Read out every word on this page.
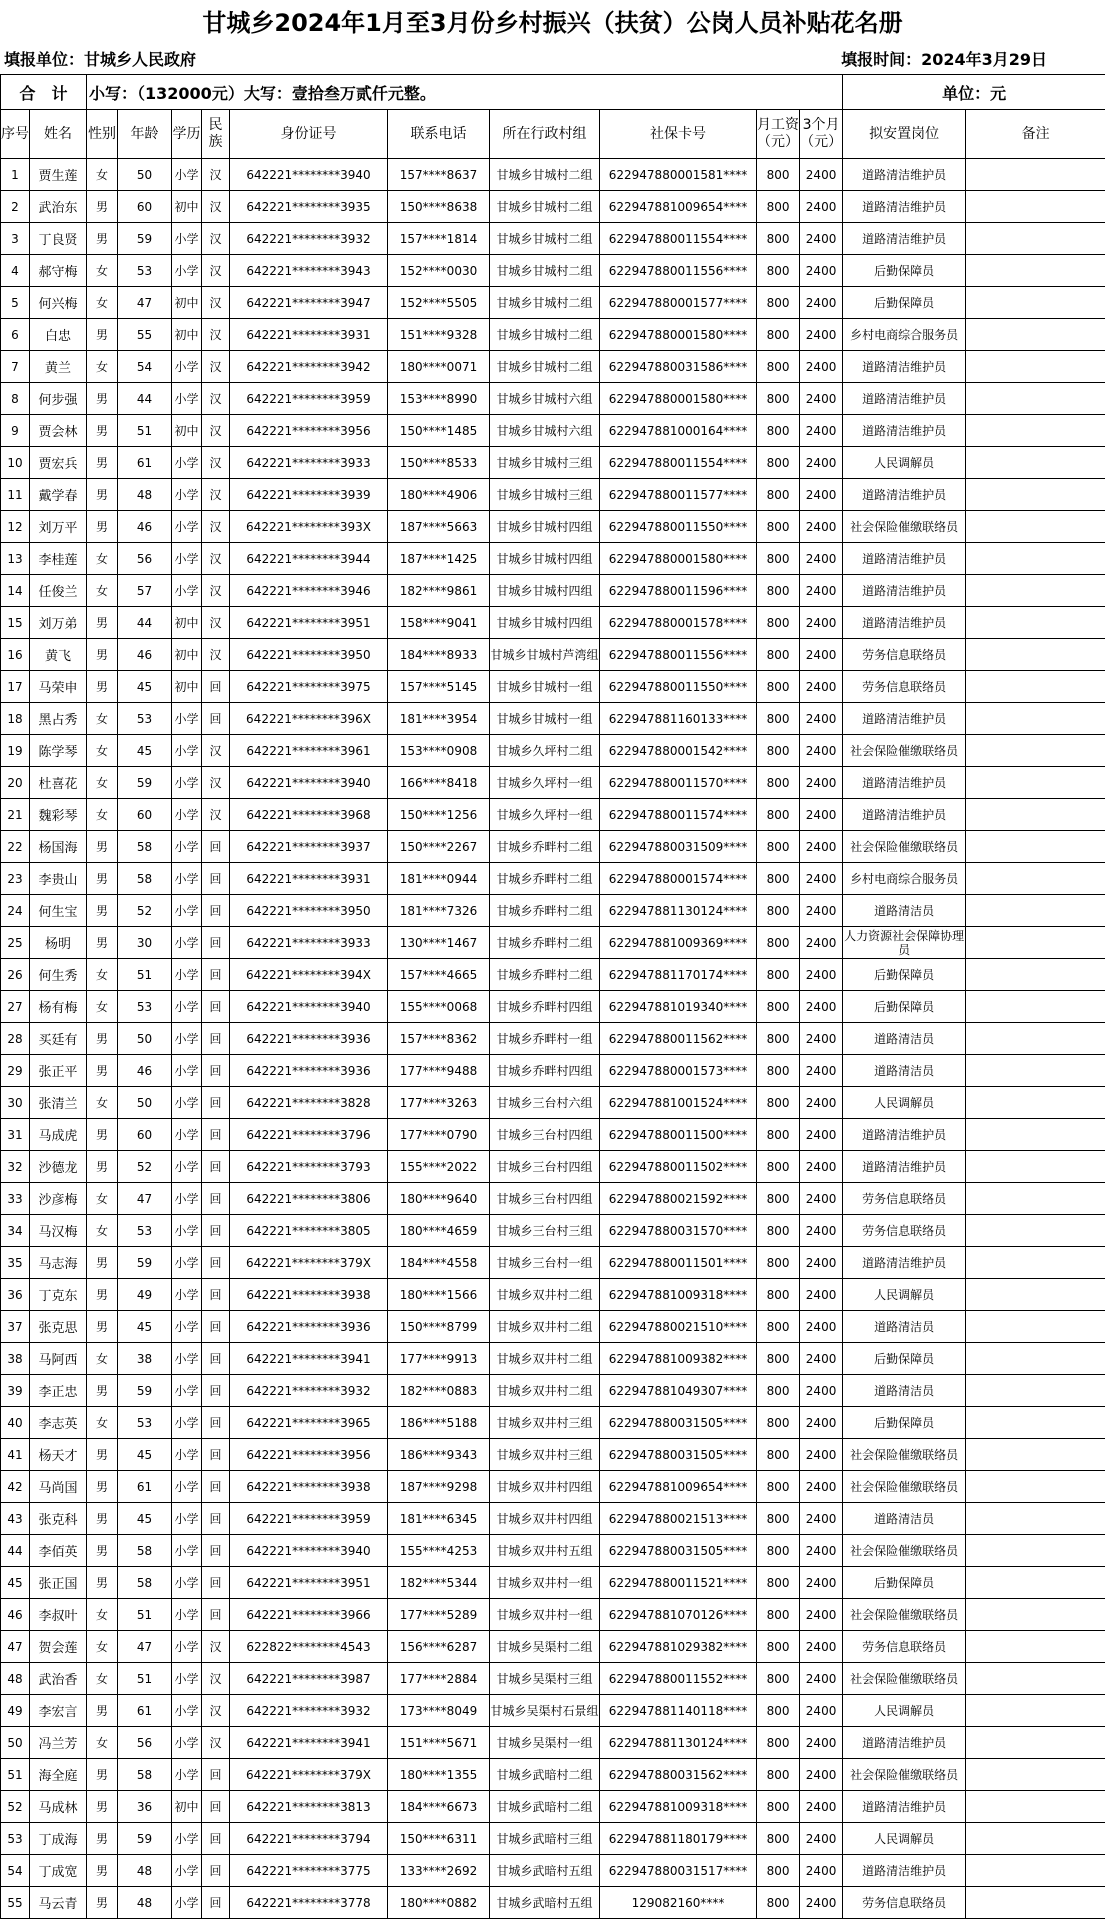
甘城乡2024年1月至3月份乡村振兴（扶贫）公岗人员补贴花名册
填报单位：甘城乡人民政府	填报时间：2024年3月29日
合　计		小写：（132000元）大写：壹拾叁万贰仟元整。										单位：元	
序号	姓名	性别	年龄	学历	民族	身份证号	联系电话	所在行政村组	社保卡号	月工资（元）	3个月（元）	拟安置岗位	备注
1	贾生莲	女	50	小学	汉	642221********3940	157****8637	甘城乡甘城村二组	622947880001581****	800	2400	道路清洁维护员	
2	武治东	男	60	初中	汉	642221********3935	150****8638	甘城乡甘城村二组	622947881009654****	800	2400	道路清洁维护员	
3	丁良贤	男	59	小学	汉	642221********3932	157****1814	甘城乡甘城村二组	622947880011554****	800	2400	道路清洁维护员	
4	郝守梅	女	53	小学	汉	642221********3943	152****0030	甘城乡甘城村二组	622947880011556****	800	2400	后勤保障员	
5	何兴梅	女	47	初中	汉	642221********3947	152****5505	甘城乡甘城村二组	622947880001577****	800	2400	后勤保障员	
6	白忠	男	55	初中	汉	642221********3931	151****9328	甘城乡甘城村二组	622947880001580****	800	2400	乡村电商综合服务员	
7	黄兰	女	54	小学	汉	642221********3942	180****0071	甘城乡甘城村二组	622947880031586****	800	2400	道路清洁维护员	
8	何步强	男	44	小学	汉	642221********3959	153****8990	甘城乡甘城村六组	622947880001580****	800	2400	道路清洁维护员	
9	贾会林	男	51	初中	汉	642221********3956	150****1485	甘城乡甘城村六组	622947881000164****	800	2400	道路清洁维护员	
10	贾宏兵	男	61	小学	汉	642221********3933	150****8533	甘城乡甘城村三组	622947880011554****	800	2400	人民调解员	
11	戴学春	男	48	小学	汉	642221********3939	180****4906	甘城乡甘城村三组	622947880011577****	800	2400	道路清洁维护员	
12	刘万平	男	46	小学	汉	642221********393X	187****5663	甘城乡甘城村四组	622947880011550****	800	2400	社会保险催缴联络员	
13	李桂莲	女	56	小学	汉	642221********3944	187****1425	甘城乡甘城村四组	622947880001580****	800	2400	道路清洁维护员	
14	任俊兰	女	57	小学	汉	642221********3946	182****9861	甘城乡甘城村四组	622947880011596****	800	2400	道路清洁维护员	
15	刘万弟	男	44	初中	汉	642221********3951	158****9041	甘城乡甘城村四组	622947880001578****	800	2400	道路清洁维护员	
16	黄飞	男	46	初中	汉	642221********3950	184****8933	甘城乡甘城村芦湾组	622947880011556****	800	2400	劳务信息联络员	
17	马荣申	男	45	初中	回	642221********3975	157****5145	甘城乡甘城村一组	622947880011550****	800	2400	劳务信息联络员	
18	黑占秀	女	53	小学	回	642221********396X	181****3954	甘城乡甘城村一组	622947881160133****	800	2400	道路清洁维护员	
19	陈学琴	女	45	小学	汉	642221********3961	153****0908	甘城乡久坪村二组	622947880001542****	800	2400	社会保险催缴联络员	
20	杜喜花	女	59	小学	汉	642221********3940	166****8418	甘城乡久坪村一组	622947880011570****	800	2400	道路清洁维护员	
21	魏彩琴	女	60	小学	汉	642221********3968	150****1256	甘城乡久坪村一组	622947880011574****	800	2400	道路清洁维护员	
22	杨国海	男	58	小学	回	642221********3937	150****2267	甘城乡乔畔村二组	622947880031509****	800	2400	社会保险催缴联络员	
23	李贵山	男	58	小学	回	642221********3931	181****0944	甘城乡乔畔村二组	622947880001574****	800	2400	乡村电商综合服务员	
24	何生宝	男	52	小学	回	642221********3950	181****7326	甘城乡乔畔村二组	622947881130124****	800	2400	道路清洁员	
25	杨明	男	30	小学	回	642221********3933	130****1467	甘城乡乔畔村二组	622947881009369****	800	2400	人力资源社会保障协理员	
26	何生秀	女	51	小学	回	642221********394X	157****4665	甘城乡乔畔村二组	622947881170174****	800	2400	后勤保障员	
27	杨有梅	女	53	小学	回	642221********3940	155****0068	甘城乡乔畔村四组	622947881019340****	800	2400	后勤保障员	
28	买廷有	男	50	小学	回	642221********3936	157****8362	甘城乡乔畔村一组	622947880011562****	800	2400	道路清洁员	
29	张正平	男	46	小学	回	642221********3936	177****9488	甘城乡乔畔村四组	622947880001573****	800	2400	道路清洁员	
30	张清兰	女	50	小学	回	642221********3828	177****3263	甘城乡三台村六组	622947881001524****	800	2400	人民调解员	
31	马成虎	男	60	小学	回	642221********3796	177****0790	甘城乡三台村四组	622947880011500****	800	2400	道路清洁维护员	
32	沙德龙	男	52	小学	回	642221********3793	155****2022	甘城乡三台村四组	622947880011502****	800	2400	道路清洁维护员	
33	沙彦梅	女	47	小学	回	642221********3806	180****9640	甘城乡三台村四组	622947880021592****	800	2400	劳务信息联络员	
34	马汉梅	女	53	小学	回	642221********3805	180****4659	甘城乡三台村三组	622947880031570****	800	2400	劳务信息联络员	
35	马志海	男	59	小学	回	642221********379X	184****4558	甘城乡三台村一组	622947880011501****	800	2400	道路清洁维护员	
36	丁克东	男	49	小学	回	642221********3938	180****1566	甘城乡双井村二组	622947881009318****	800	2400	人民调解员	
37	张克思	男	45	小学	回	642221********3936	150****8799	甘城乡双井村二组	622947880021510****	800	2400	道路清洁员	
38	马阿西	女	38	小学	回	642221********3941	177****9913	甘城乡双井村二组	622947881009382****	800	2400	后勤保障员	
39	李正忠	男	59	小学	回	642221********3932	182****0883	甘城乡双井村二组	622947881049307****	800	2400	道路清洁员	
40	李志英	女	53	小学	回	642221********3965	186****5188	甘城乡双井村三组	622947880031505****	800	2400	后勤保障员	
41	杨天才	男	45	小学	回	642221********3956	186****9343	甘城乡双井村三组	622947880031505****	800	2400	社会保险催缴联络员	
42	马尚国	男	61	小学	回	642221********3938	187****9298	甘城乡双井村四组	622947881009654****	800	2400	社会保险催缴联络员	
43	张克科	男	45	小学	回	642221********3959	181****6345	甘城乡双井村四组	622947880021513****	800	2400	道路清洁员	
44	李佰英	男	58	小学	回	642221********3940	155****4253	甘城乡双井村五组	622947880031505****	800	2400	社会保险催缴联络员	
45	张正国	男	58	小学	回	642221********3951	182****5344	甘城乡双井村一组	622947880011521****	800	2400	后勤保障员	
46	李叔叶	女	51	小学	回	642221********3966	177****5289	甘城乡双井村一组	622947881070126****	800	2400	社会保险催缴联络员	
47	贺会莲	女	47	小学	汉	622822********4543	156****6287	甘城乡吴渠村二组	622947881029382****	800	2400	劳务信息联络员	
48	武治香	女	51	小学	汉	642221********3987	177****2884	甘城乡吴渠村三组	622947880011552****	800	2400	社会保险催缴联络员	
49	李宏言	男	61	小学	汉	642221********3932	173****8049	甘城乡吴渠村石景组	622947881140118****	800	2400	人民调解员	
50	冯兰芳	女	56	小学	汉	642221********3941	151****5671	甘城乡吴渠村一组	622947881130124****	800	2400	道路清洁维护员	
51	海全庭	男	58	小学	回	642221********379X	180****1355	甘城乡武暗村二组	622947880031562****	800	2400	社会保险催缴联络员	
52	马成林	男	36	初中	回	642221********3813	184****6673	甘城乡武暗村二组	622947881009318****	800	2400	道路清洁维护员	
53	丁成海	男	59	小学	回	642221********3794	150****6311	甘城乡武暗村三组	622947881180179****	800	2400	人民调解员	
54	丁成宽	男	48	小学	回	642221********3775	133****2692	甘城乡武暗村五组	622947880031517****	800	2400	道路清洁维护员	
55	马云青	男	48	小学	回	642221********3778	180****0882	甘城乡武暗村五组	129082160****	800	2400	劳务信息联络员	
